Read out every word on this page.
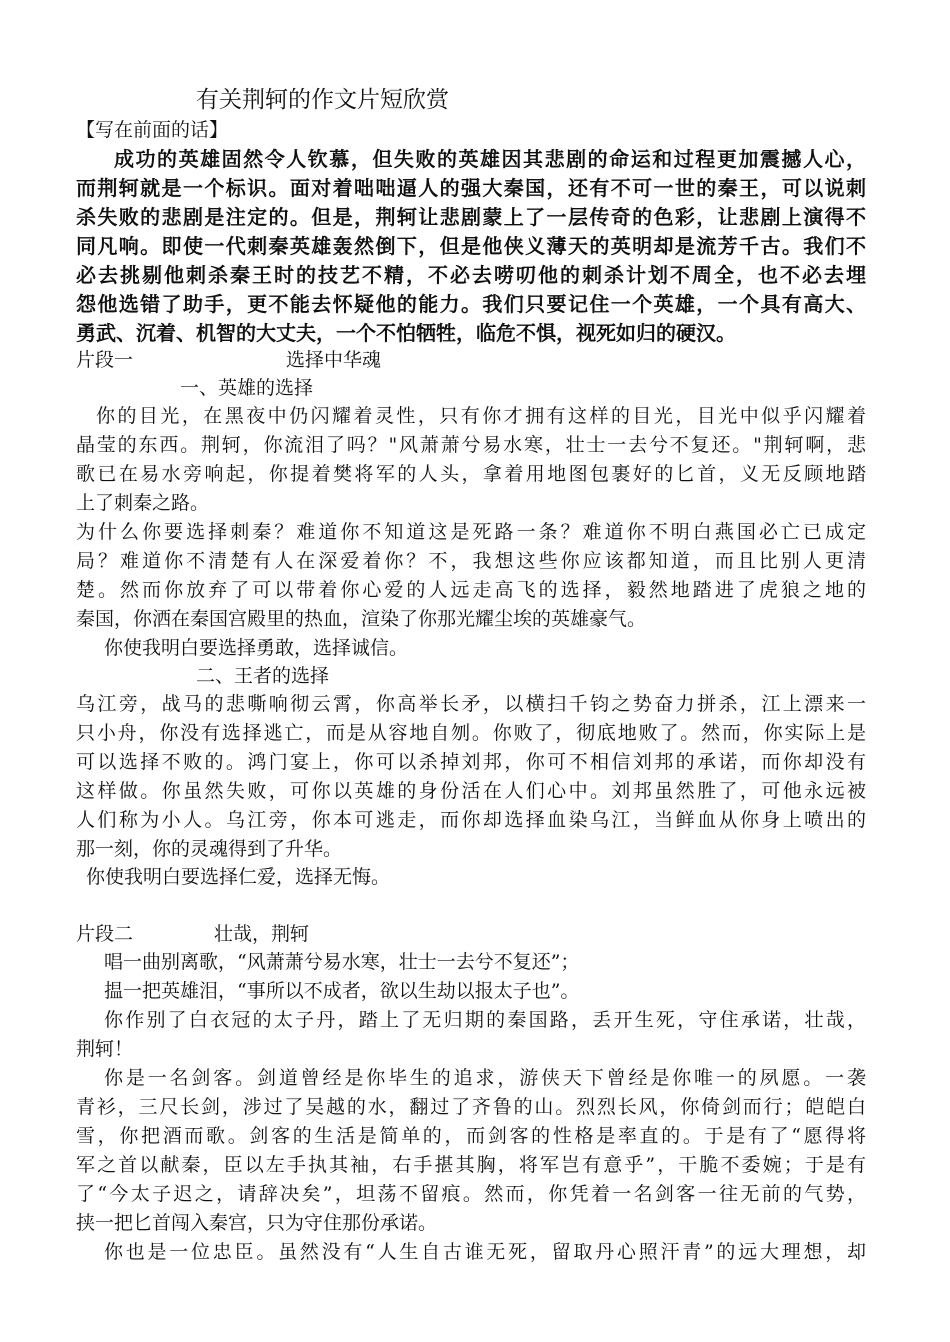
有关荆轲的作文片短欣赏
【写在前面的话】
成功的英雄固然令人钦慕，但失败的英雄因其悲剧的命运和过程更加震撼人心，
而荆轲就是一个标识。面对着咄咄逼人的强大秦国，还有不可一世的秦王，可以说刺
杀失败的悲剧是注定的。但是，荆轲让悲剧蒙上了一层传奇的色彩，让悲剧上演得不
同凡响。即使一代刺秦英雄轰然倒下，但是他侠义薄天的英明却是流芳千古。我们不
必去挑剔他刺杀秦王时的技艺不精，不必去唠叨他的刺杀计划不周全，也不必去埋
怨他选错了助手，更不能去怀疑他的能力。我们只要记住一个英雄，一个具有高大、
勇武、沉着、机智的大丈夫，一个不怕牺牲，临危不惧，视死如归的硬汉。
片段一	选择中华魂
一、英雄的选择
你的目光，在黑夜中仍闪耀着灵性，只有你才拥有这样的目光，目光中似乎闪耀着
晶莹的东西。荆轲，你流泪了吗？"风萧萧兮易水寒，壮士一去兮不复还。"荆轲啊，悲
歌已在易水旁响起，你提着樊将军的人头，拿着用地图包裹好的匕首，义无反顾地踏
上了刺秦之路。
为什么你要选择刺秦？难道你不知道这是死路一条？难道你不明白燕国必亡已成定
局？难道你不清楚有人在深爱着你？不，我想这些你应该都知道，而且比别人更清
楚。然而你放弃了可以带着你心爱的人远走高飞的选择，毅然地踏进了虎狼之地的
秦国，你洒在秦国宫殿里的热血，渲染了你那光耀尘埃的英雄豪气。
你使我明白要选择勇敢，选择诚信。
二、王者的选择
乌江旁，战马的悲嘶响彻云霄，你高举长矛，以横扫千钧之势奋力拼杀，江上漂来一
只小舟，你没有选择逃亡，而是从容地自刎。你败了，彻底地败了。然而，你实际上是
可以选择不败的。鸿门宴上，你可以杀掉刘邦，你可不相信刘邦的承诺，而你却没有
这样做。你虽然失败，可你以英雄的身份活在人们心中。刘邦虽然胜了，可他永远被
人们称为小人。乌江旁，你本可逃走，而你却选择血染乌江，当鲜血从你身上喷出的
那一刻，你的灵魂得到了升华。
你使我明白要选择仁爱，选择无悔。
片段二	壮哉，荆轲
唱一曲别离歌，“风萧萧兮易水寒，壮士一去兮不复还”；
揾一把英雄泪，“事所以不成者，欲以生劫以报太子也”。
你作别了白衣冠的太子丹，踏上了无归期的秦国路，丢开生死，守住承诺，壮哉，
荆轲！
你是一名剑客。剑道曾经是你毕生的追求，游侠天下曾经是你唯一的夙愿。一袭
青衫，三尺长剑，涉过了吴越的水，翻过了齐鲁的山。烈烈长风，你倚剑而行；皑皑白
雪，你把酒而歌。剑客的生活是简单的，而剑客的性格是率直的。于是有了“愿得将
军之首以献秦，臣以左手执其袖，右手揕其胸，将军岂有意乎”，干脆不委婉；于是有
了“今太子迟之，请辞决矣”，坦荡不留痕。然而，你凭着一名剑客一往无前的气势，
挟一把匕首闯入秦宫，只为守住那份承诺。
你也是一位忠臣。虽然没有“人生自古谁无死，留取丹心照汗青”的远大理想，却
